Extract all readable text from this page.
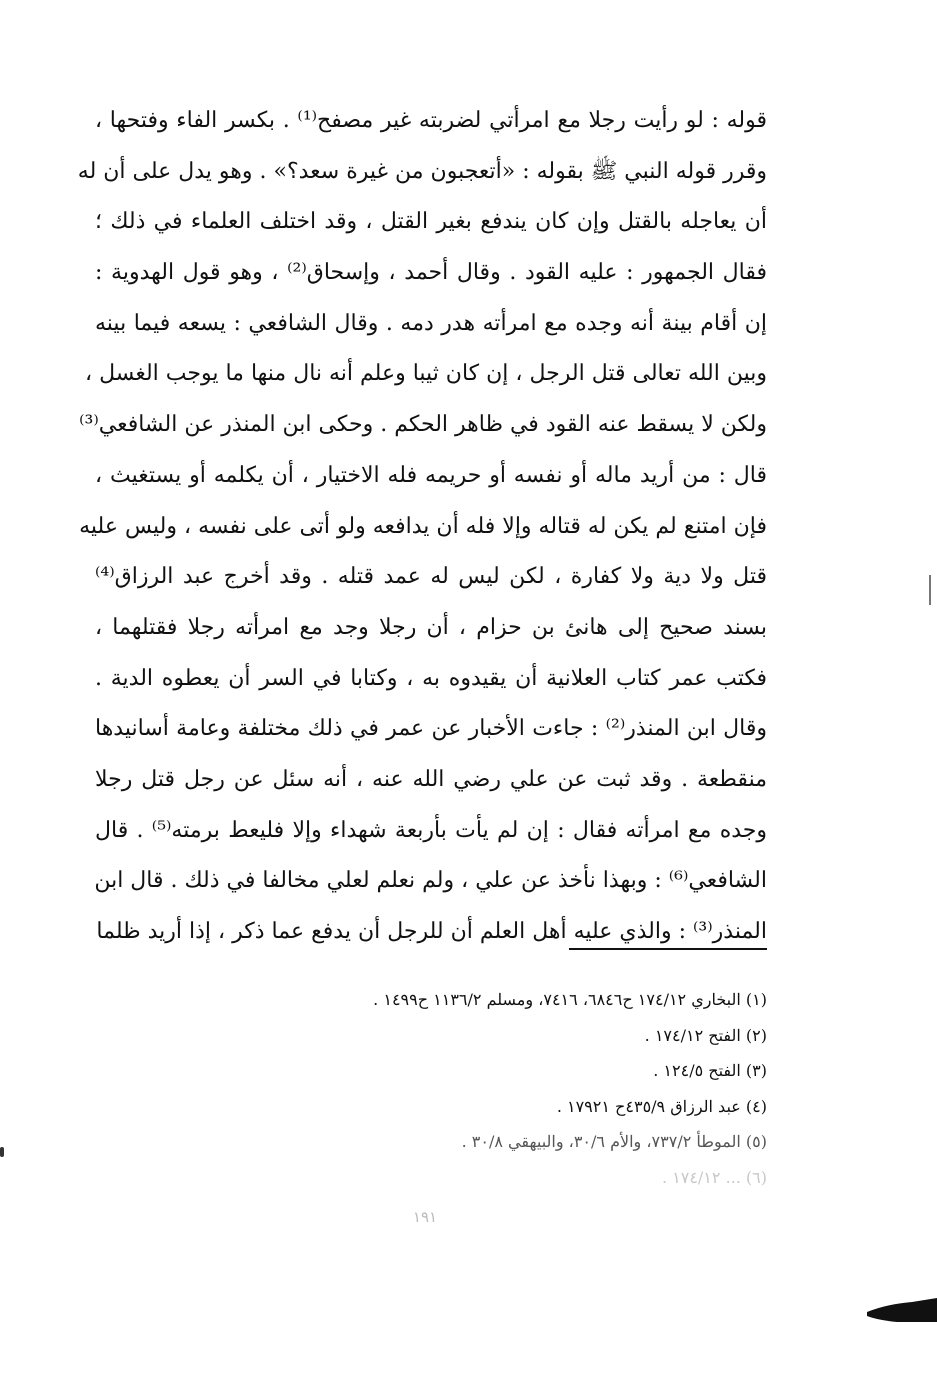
قوله : لو رأيت رجلا مع امرأتي لضربته غير مصفح⁽¹⁾ . بكسر الفاء وفتحها ،
وقرر قوله النبي ﷺ بقوله : «أتعجبون من غيرة سعد؟» . وهو يدل على أن له
أن يعاجله بالقتل وإن كان يندفع بغير القتل ، وقد اختلف العلماء في ذلك ؛
فقال الجمهور : عليه القود . وقال أحمد ، وإسحاق⁽²⁾ ، وهو قول الهدوية :
إن أقام بينة أنه وجده مع امرأته هدر دمه . وقال الشافعي : يسعه فيما بينه
وبين الله تعالى قتل الرجل ، إن كان ثيبا وعلم أنه نال منها ما يوجب الغسل ،
ولكن لا يسقط عنه القود في ظاهر الحكم . وحكى ابن المنذر عن الشافعي⁽³⁾
قال : من أريد ماله أو نفسه أو حريمه فله الاختيار ، أن يكلمه أو يستغيث ،
فإن امتنع لم يكن له قتاله وإلا فله أن يدافعه ولو أتى على نفسه ، وليس عليه
قتل ولا دية ولا كفارة ، لكن ليس له عمد قتله . وقد أخرج عبد الرزاق⁽⁴⁾
بسند صحيح إلى هانئ بن حزام ، أن رجلا وجد مع امرأته رجلا فقتلهما ،
فكتب عمر كتاب العلانية أن يقيدوه به ، وكتابا في السر أن يعطوه الدية .
وقال ابن المنذر⁽²⁾ : جاءت الأخبار عن عمر في ذلك مختلفة وعامة أسانيدها
منقطعة . وقد ثبت عن علي رضي الله عنه ، أنه سئل عن رجل قتل رجلا
وجده مع امرأته فقال : إن لم يأت بأربعة شهداء وإلا فليعط برمته⁽⁵⁾ . قال
الشافعي⁽⁶⁾ : وبهذا نأخذ عن علي ، ولم نعلم لعلي مخالفا في ذلك . قال ابن
المنذر⁽³⁾ : والذي عليه أهل العلم أن للرجل أن يدفع عما ذكر ، إذا أريد ظلما
(١) البخاري ١٧٤/١٢ ح٦٨٤٦، ٧٤١٦، ومسلم ١١٣٦/٢ ح١٤٩٩ .
(٢) الفتح ١٧٤/١٢ .
(٣) الفتح ١٢٤/٥ .
(٤) عبد الرزاق ٤٣٥/٩ح ١٧٩٢١ .
(٥) الموطأ ٧٣٧/٢، والأم ٣٠/٦، والبيهقي ٣٠/٨ .
(٦) ... ١٧٤/١٢ .
١٩١
